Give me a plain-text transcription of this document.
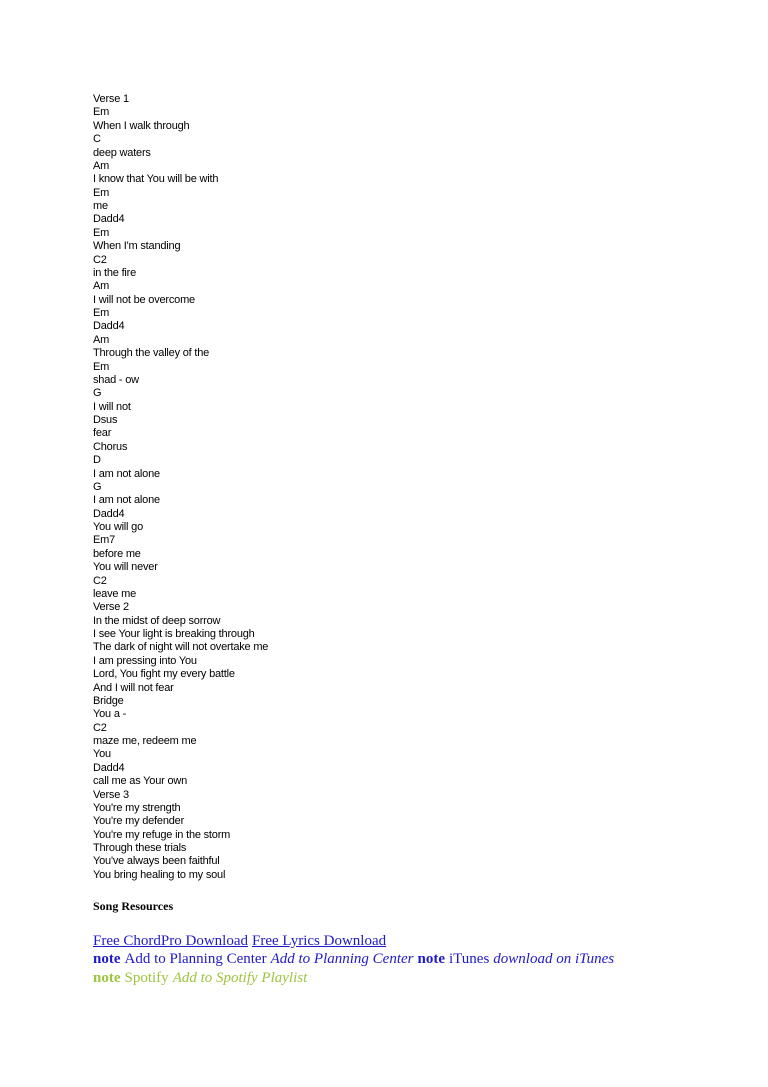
Verse 1
Em
When I walk through
C
deep waters
Am
I know that You will be with
Em
me
Dadd4
Em
When I'm standing
C2
in the fire
Am
I will not be overcome
Em
Dadd4
Am
Through the valley of the
Em
shad - ow
G
I will not
Dsus
fear
Chorus
D
I am not alone
G
I am not alone
Dadd4
You will go
Em7
before me
You will never
C2
leave me
Verse 2
In the midst of deep sorrow
I see Your light is breaking through
The dark of night will not overtake me
I am pressing into You
Lord, You fight my every battle
And I will not fear
Bridge
You a -
C2
maze me, redeem me
You
Dadd4
call me as Your own
Verse 3
You're my strength
You're my defender
You're my refuge in the storm
Through these trials
You've always been faithful
You bring healing to my soul
Song Resources
Free ChordPro Download Free Lyrics Download
note Add to Planning Center Add to Planning Center note iTunes download on iTunes
note Spotify Add to Spotify Playlist
